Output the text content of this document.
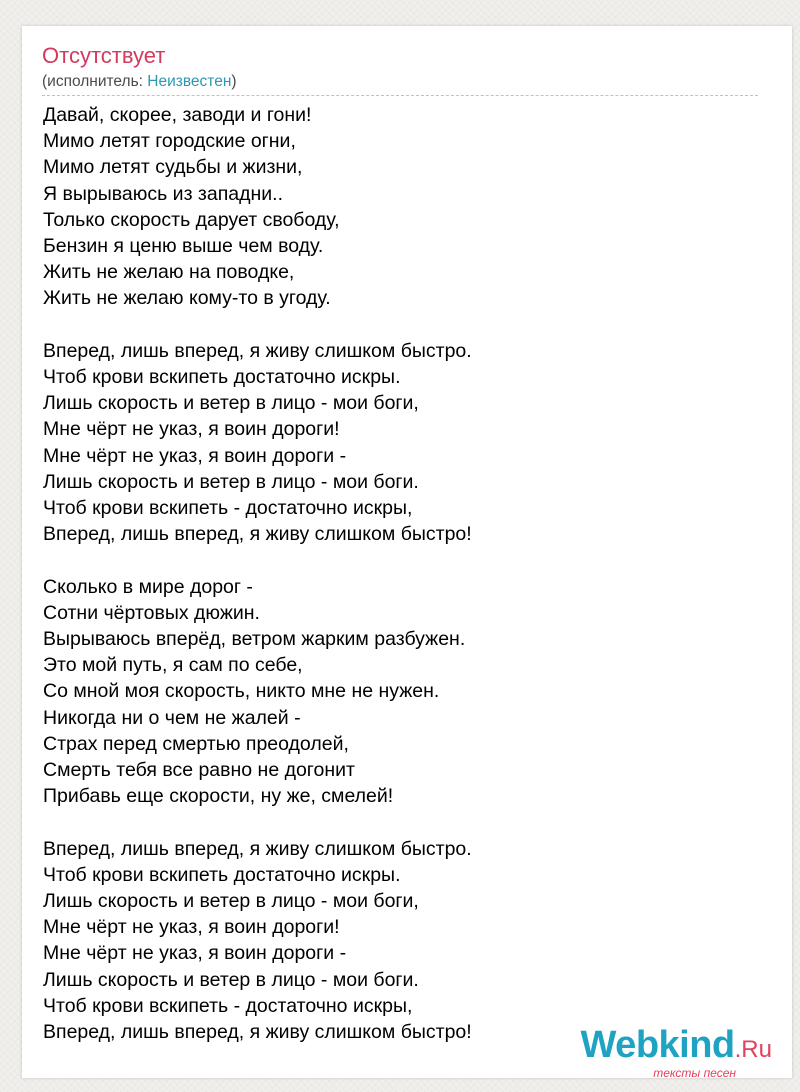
Отсутствует
(исполнитель: Неизвестен)
Давай, скорее, заводи и гони!
Мимо летят городские огни,
Мимо летят судьбы и жизни,
Я вырываюсь из западни..
Только скорость дарует свободу,
Бензин я ценю выше чем воду.
Жить не желаю на поводке,
Жить не желаю кому-то в угоду.
Вперед, лишь вперед, я живу слишком быстро.
Чтоб крови вскипеть достаточно искры.
Лишь скорость и ветер в лицо - мои боги,
Мне чёрт не указ, я воин дороги!
Мне чёрт не указ, я воин дороги -
Лишь скорость и ветер в лицо - мои боги.
Чтоб крови вскипеть - достаточно искры,
Вперед, лишь вперед, я живу слишком быстро!
Сколько в мире дорог -
Сотни чёртовых дюжин.
Вырываюсь вперёд, ветром жарким разбужен.
Это мой путь, я сам по себе,
Со мной моя скорость, никто мне не нужен.
Никогда ни о чем не жалей -
Страх перед смертью преодолей,
Смерть тебя все равно не догонит
Прибавь еще скорости, ну же, смелей!
Вперед, лишь вперед, я живу слишком быстро.
Чтоб крови вскипеть достаточно искры.
Лишь скорость и ветер в лицо - мои боги,
Мне чёрт не указ, я воин дороги!
Мне чёрт не указ, я воин дороги -
Лишь скорость и ветер в лицо - мои боги.
Чтоб крови вскипеть - достаточно искры,
Вперед, лишь вперед, я живу слишком быстро!	Webkind.Ru
тексты песен
